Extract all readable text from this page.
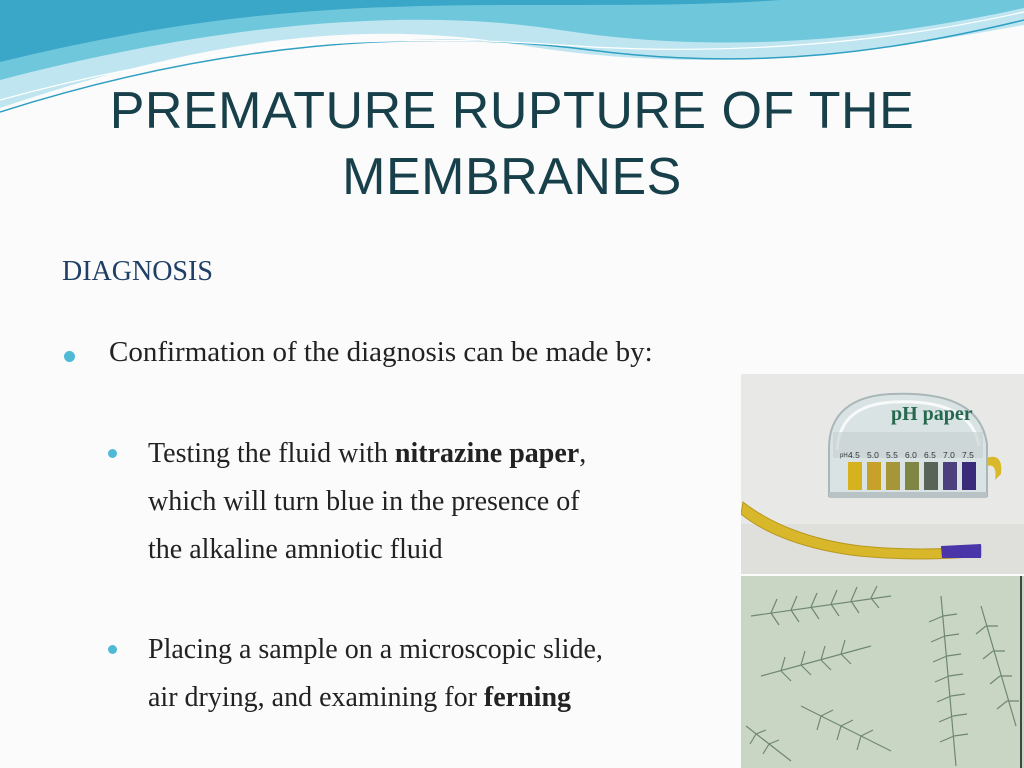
PREMATURE RUPTURE OF THE
MEMBRANES
DIAGNOSIS
Confirmation of the diagnosis can be made by:
Testing the fluid with nitrazine paper,
which will turn blue in the presence of
the alkaline amniotic fluid
Placing a sample on a microscopic slide,
air drying, and examining for ferning
pH paper
pH 4.5 5.0 5.5 6.0 6.5 7.0 7.5
